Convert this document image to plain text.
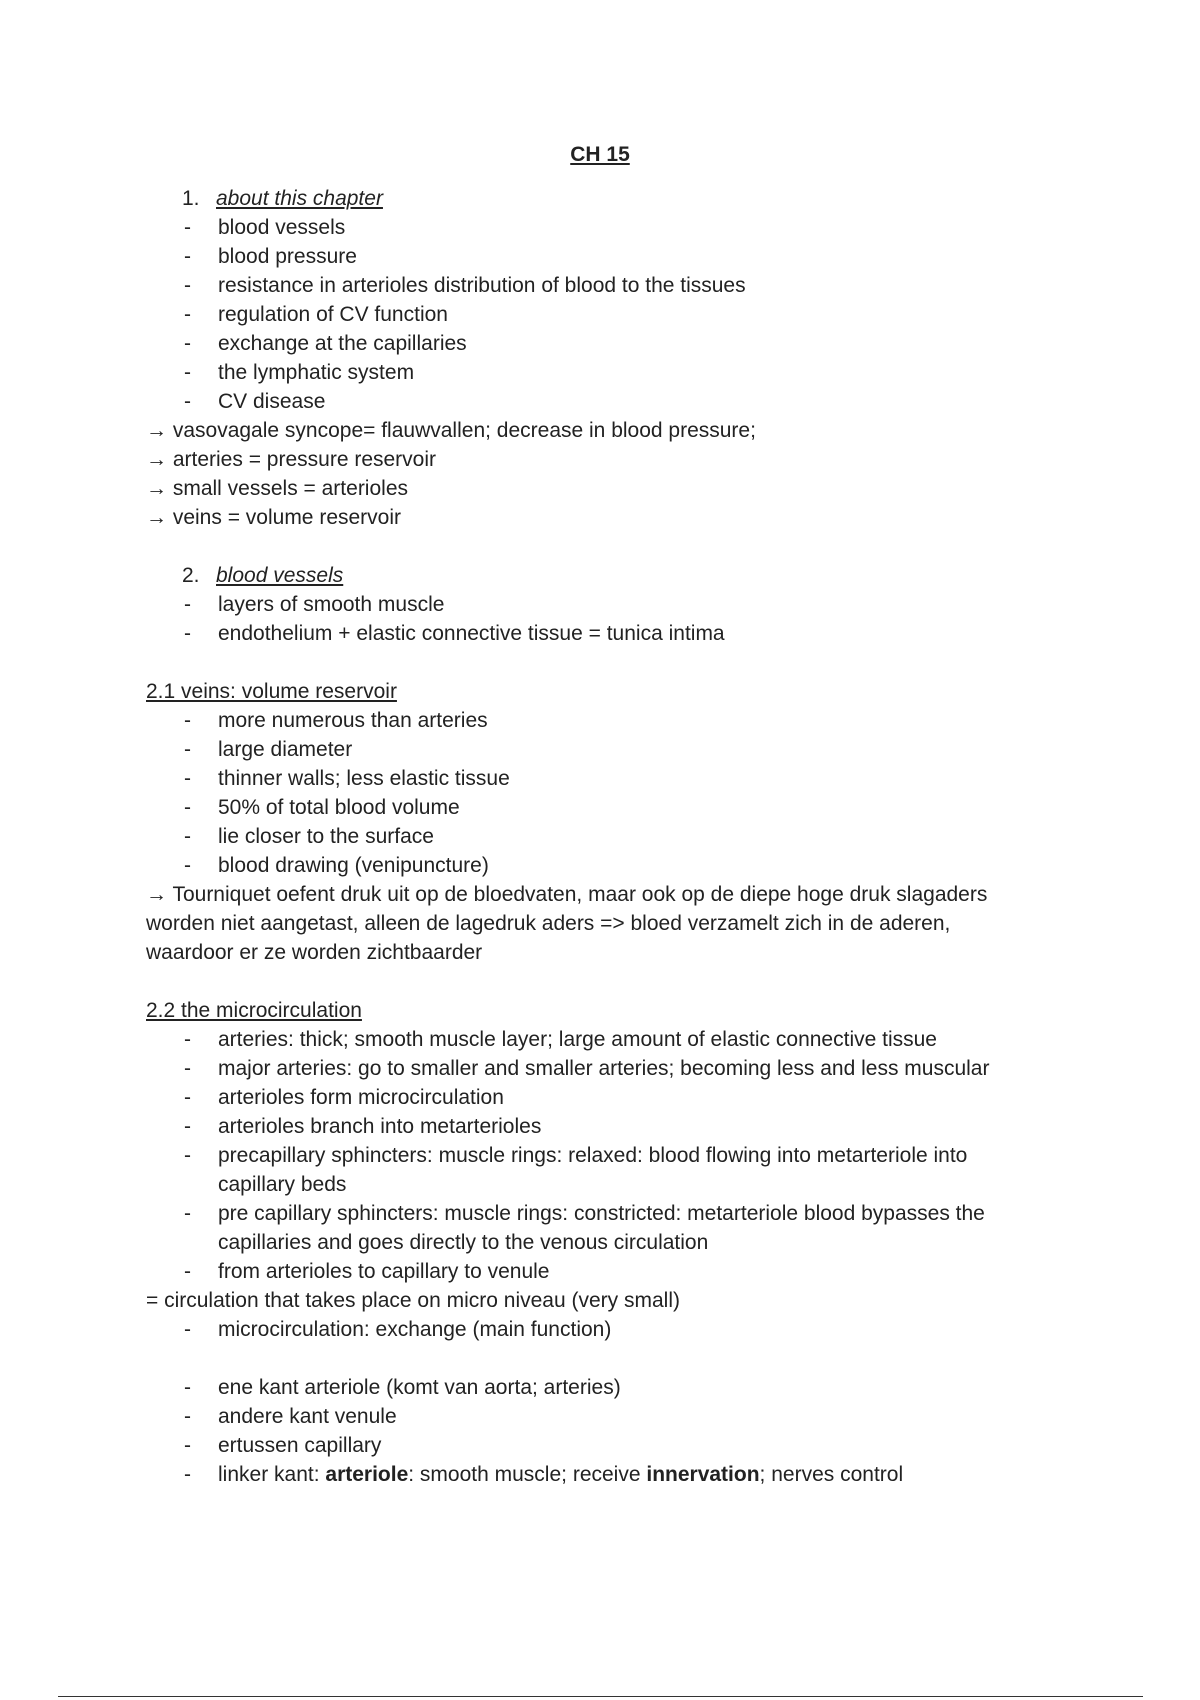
CH 15
1. about this chapter
- blood vessels
- blood pressure
- resistance in arterioles distribution of blood to the tissues
- regulation of CV function
- exchange at the capillaries
- the lymphatic system
- CV disease
→ vasovagale syncope= flauwvallen; decrease in blood pressure;
→ arteries = pressure reservoir
→ small vessels = arterioles
→ veins = volume reservoir
2. blood vessels
- layers of smooth muscle
- endothelium + elastic connective tissue = tunica intima
2.1 veins: volume reservoir
- more numerous than arteries
- large diameter
- thinner walls; less elastic tissue
- 50% of total blood volume
- lie closer to the surface
- blood drawing (venipuncture)
→ Tourniquet oefent druk uit op de bloedvaten, maar ook op de diepe hoge druk slagaders
worden niet aangetast, alleen de lagedruk aders => bloed verzamelt zich in de aderen,
waardoor er ze worden zichtbaarder
2.2 the microcirculation
- arteries: thick; smooth muscle layer; large amount of elastic connective tissue
- major arteries: go to smaller and smaller arteries; becoming less and less muscular
- arterioles form microcirculation
- arterioles branch into metarterioles
- precapillary sphincters: muscle rings: relaxed: blood flowing into metarteriole into capillary beds
- pre capillary sphincters: muscle rings: constricted: metarteriole blood bypasses the capillaries and goes directly to the venous circulation
- from arterioles to capillary to venule
= circulation that takes place on micro niveau (very small)
- microcirculation: exchange (main function)
- ene kant arteriole (komt van aorta; arteries)
- andere kant venule
- ertussen capillary
- linker kant: arteriole: smooth muscle; receive innervation; nerves control
